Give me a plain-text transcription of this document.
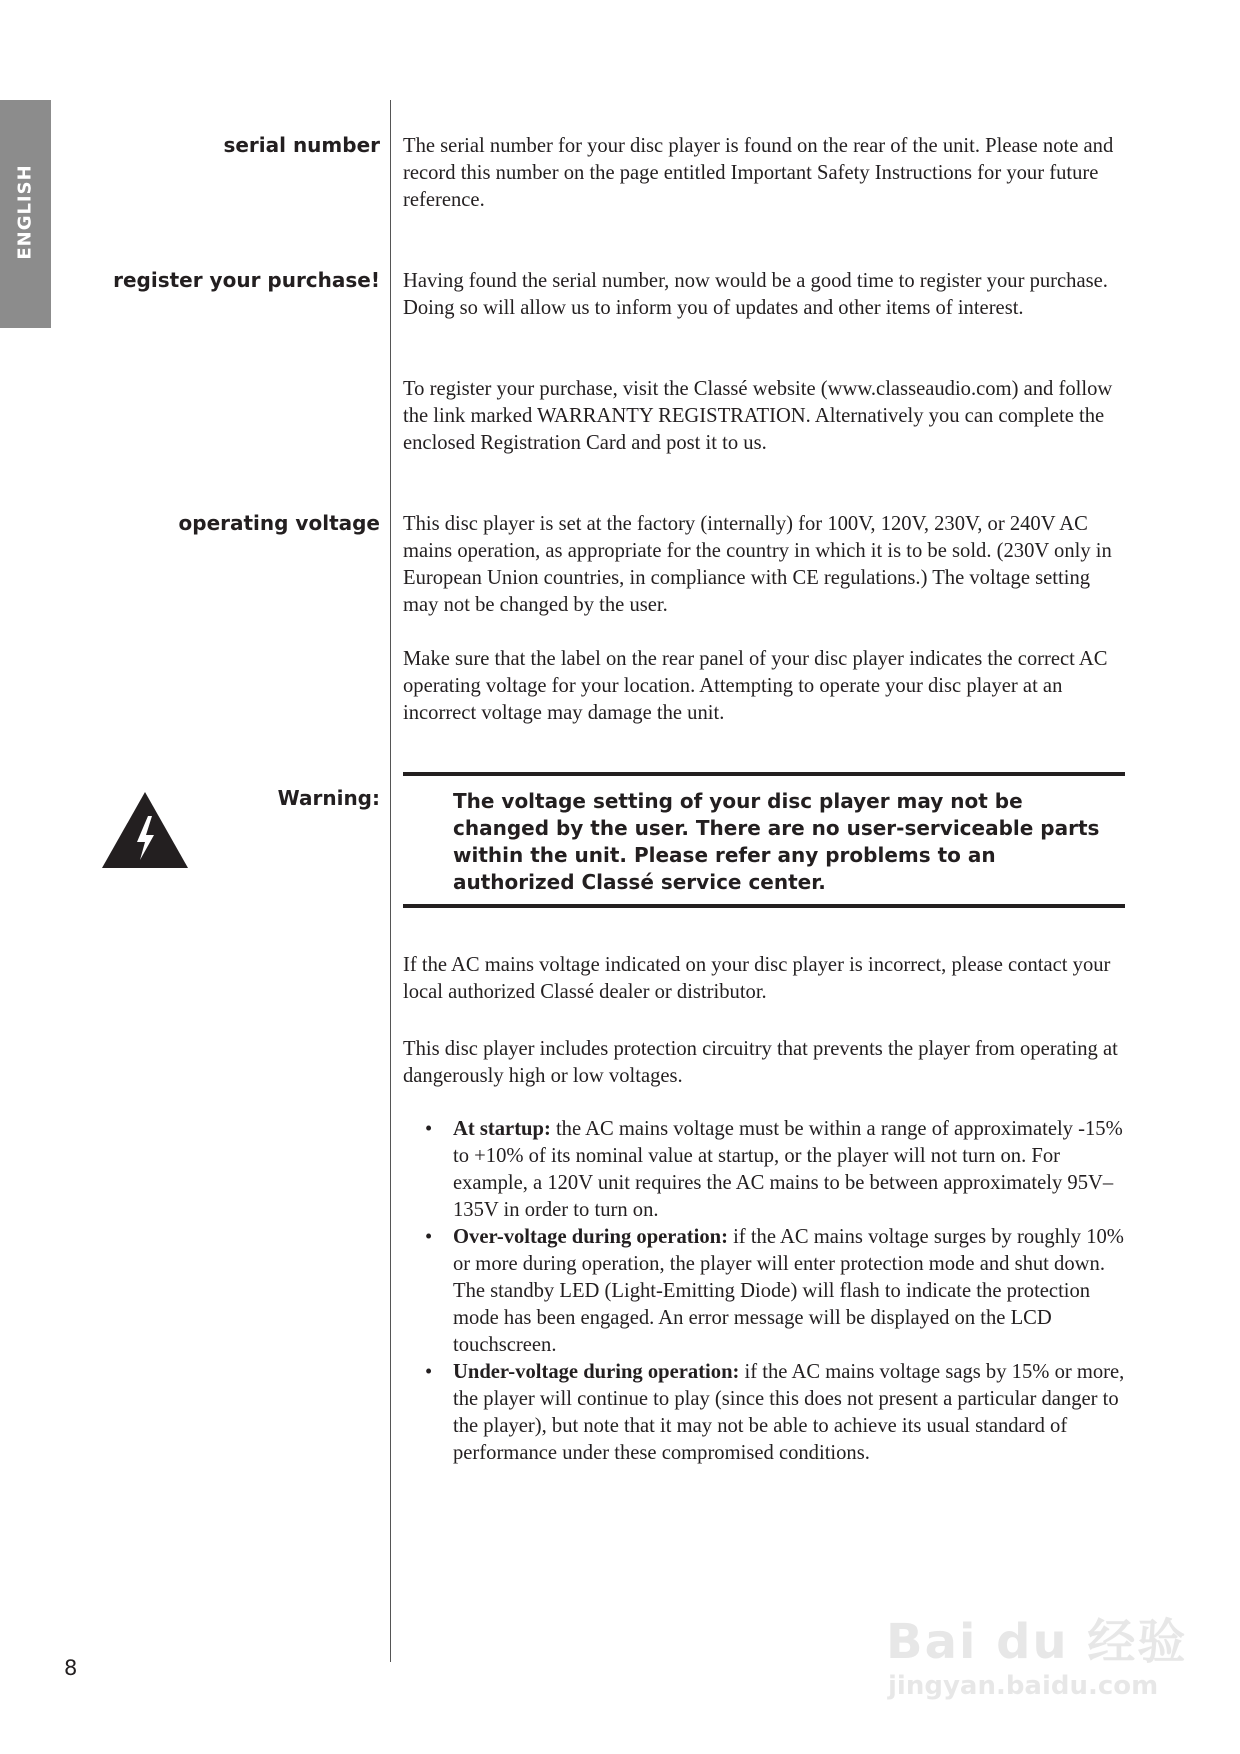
ENGLISH
serial number The serial number for your disc player is found on the rear of the unit. Please note and record this number on the page entitled Important Safety Instructions for your future reference.

register your purchase! Having found the serial number, now would be a good time to register your purchase. Doing so will allow us to inform you of updates and other items of interest.

To register your purchase, visit the Classé website (www.classeaudio.com) and follow the link marked WARRANTY REGISTRATION. Alternatively you can complete the enclosed Registration Card and post it to us.

operating voltage This disc player is set at the factory (internally) for 100V, 120V, 230V, or 240V AC mains operation, as appropriate for the country in which it is to be sold. (230V only in European Union countries, in compliance with CE regulations.) The voltage setting may not be changed by the user.

Make sure that the label on the rear panel of your disc player indicates the correct AC operating voltage for your location. Attempting to operate your disc player at an incorrect voltage may damage the unit.

Warning:	The voltage setting of your disc player may not be changed by the user. There are no user-serviceable parts within the unit. Please refer any problems to an authorized Classé service center.

If the AC mains voltage indicated on your disc player is incorrect, please contact your local authorized Classé dealer or distributor.

This disc player includes protection circuitry that prevents the player from operating at dangerously high or low voltages.

• At startup: the AC mains voltage must be within a range of approximately -15% to +10% of its nominal value at startup, or the player will not turn on. For example, a 120V unit requires the AC mains to be between approximately 95V–135V in order to turn on.
• Over-voltage during operation: if the AC mains voltage surges by roughly 10% or more during operation, the player will enter protection mode and shut down. The standby LED (Light-Emitting Diode) will flash to indicate the protection mode has been engaged. An error message will be displayed on the LCD touchscreen.
• Under-voltage during operation: if the AC mains voltage sags by 15% or more, the player will continue to play (since this does not present a particular danger to the player), but note that it may not be able to achieve its usual standard of performance under these compromised conditions.
8	Bai du 经验
jingyan.baidu.com
